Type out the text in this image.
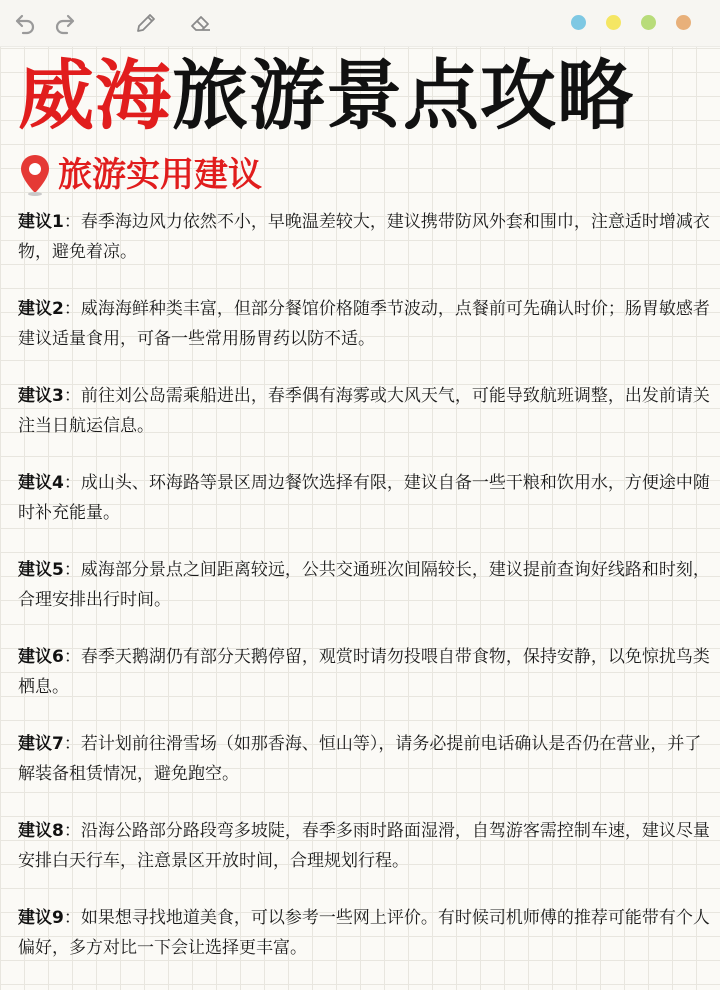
威海旅游景点攻略
旅游实用建议
建议1：春季海边风力依然不小，早晚温差较大，建议携带防风外套和围巾，注意适时增减衣物，避免着凉。
建议2：威海海鲜种类丰富，但部分餐馆价格随季节波动，点餐前可先确认时价；肠胃敏感者建议适量食用，可备一些常用肠胃药以防不适。
建议3：前往刘公岛需乘船进出，春季偶有海雾或大风天气，可能导致航班调整，出发前请关注当日航运信息。
建议4：成山头、环海路等景区周边餐饮选择有限，建议自备一些干粮和饮用水，方便途中随时补充能量。
建议5：威海部分景点之间距离较远，公共交通班次间隔较长，建议提前查询好线路和时刻，合理安排出行时间。
建议6：春季天鹅湖仍有部分天鹅停留，观赏时请勿投喂自带食物，保持安静，以免惊扰鸟类栖息。
建议7：若计划前往滑雪场（如那香海、恒山等），请务必提前电话确认是否仍在营业，并了解装备租赁情况，避免跑空。
建议8：沿海公路部分路段弯多坡陡，春季多雨时路面湿滑，自驾游客需控制车速，建议尽量安排白天行车，注意景区开放时间，合理规划行程。
建议9：如果想寻找地道美食，可以参考一些网上评价。有时候司机师傅的推荐可能带有个人偏好，多方对比一下会让选择更丰富。
